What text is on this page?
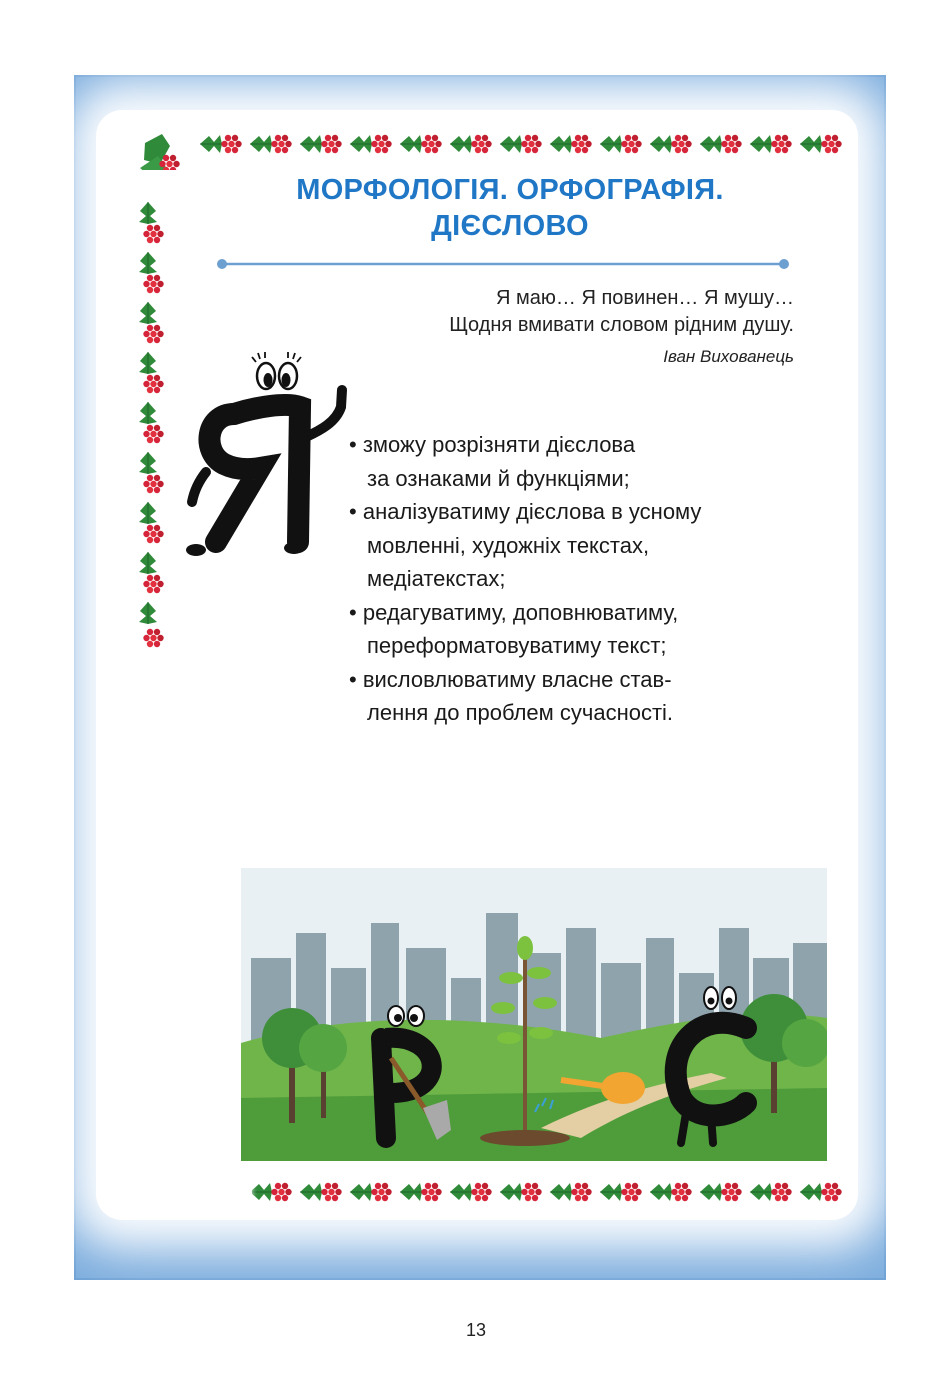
МОРФОЛОГІЯ. ОРФОГРАФІЯ.
ДІЄСЛОВО
Я маю… Я повинен… Я мушу…
Щодня вмивати словом рідним душу.
Іван Вихованець
• зможу розрізняти дієслова
за ознаками й функціями;
• аналізуватиму дієслова в усному
мовленні, художніх текстах,
медіатекстах;
• редагуватиму, доповнюватиму,
переформатовуватиму текст;
• висловлюватиму власне став-
лення до проблем сучасності.
13
